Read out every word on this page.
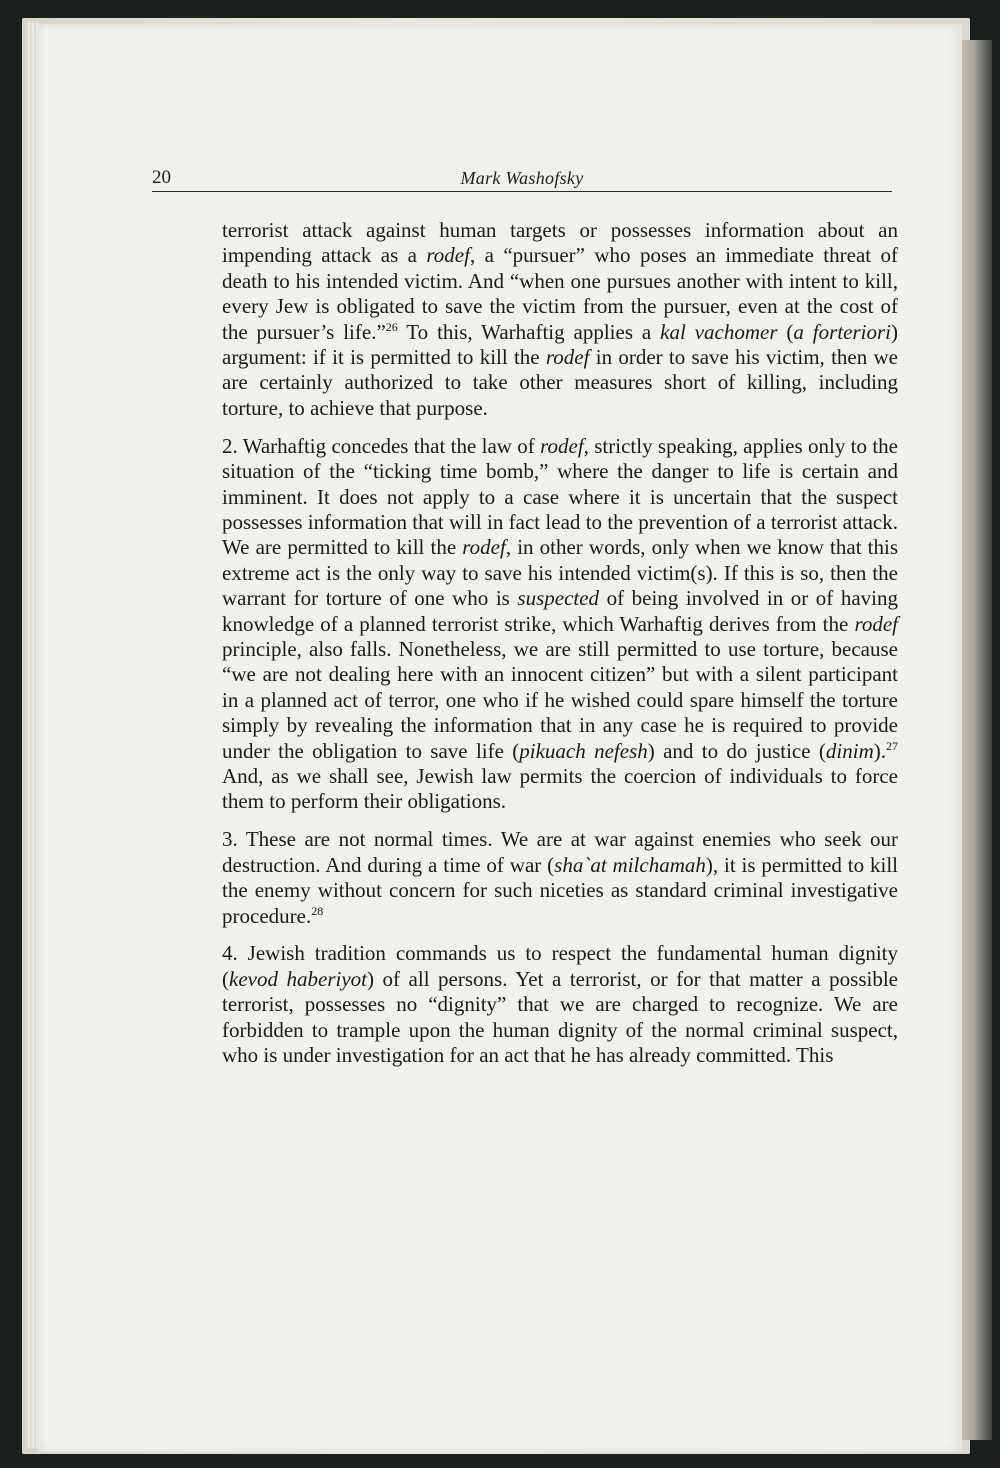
20	Mark Washofsky

terrorist attack against human targets or possesses information about an impending attack as a rodef, a “pursuer” who poses an immediate threat of death to his intended victim. And “when one pursues another with intent to kill, every Jew is obligated to save the victim from the pursuer, even at the cost of the pursuer’s life.”$^{26}$ To this, Warhaftig applies a kal vachomer (a forteriori) argument: if it is permitted to kill the rodef in order to save his victim, then we are certainly authorized to take other measures short of killing, including torture, to achieve that purpose.

2. Warhaftig concedes that the law of rodef, strictly speaking, applies only to the situation of the “ticking time bomb,” where the danger to life is certain and imminent. It does not apply to a case where it is uncertain that the suspect possesses information that will in fact lead to the prevention of a terrorist attack. We are permitted to kill the rodef, in other words, only when we know that this extreme act is the only way to save his intended victim(s). If this is so, then the warrant for torture of one who is suspected of being involved in or of having knowledge of a planned terrorist strike, which Warhaftig derives from the rodef principle, also falls. Nonetheless, we are still permitted to use torture, because “we are not dealing here with an innocent citizen” but with a silent participant in a planned act of terror, one who if he wished could spare himself the torture simply by revealing the information that in any case he is required to provide under the obligation to save life (pikuach nefesh) and to do justice (dinim).$^{27}$ And, as we shall see, Jewish law permits the coercion of individuals to force them to perform their obligations.

3. These are not normal times. We are at war against enemies who seek our destruction. And during a time of war (sha`at milchamah), it is permitted to kill the enemy without concern for such niceties as standard criminal investigative procedure.$^{28}$

4. Jewish tradition commands us to respect the fundamental human dignity (kevod haberiyot) of all persons. Yet a terrorist, or for that matter a possible terrorist, possesses no “dignity” that we are charged to recognize. We are forbidden to trample upon the human dignity of the normal criminal suspect, who is under investigation for an act that he has already committed. This
